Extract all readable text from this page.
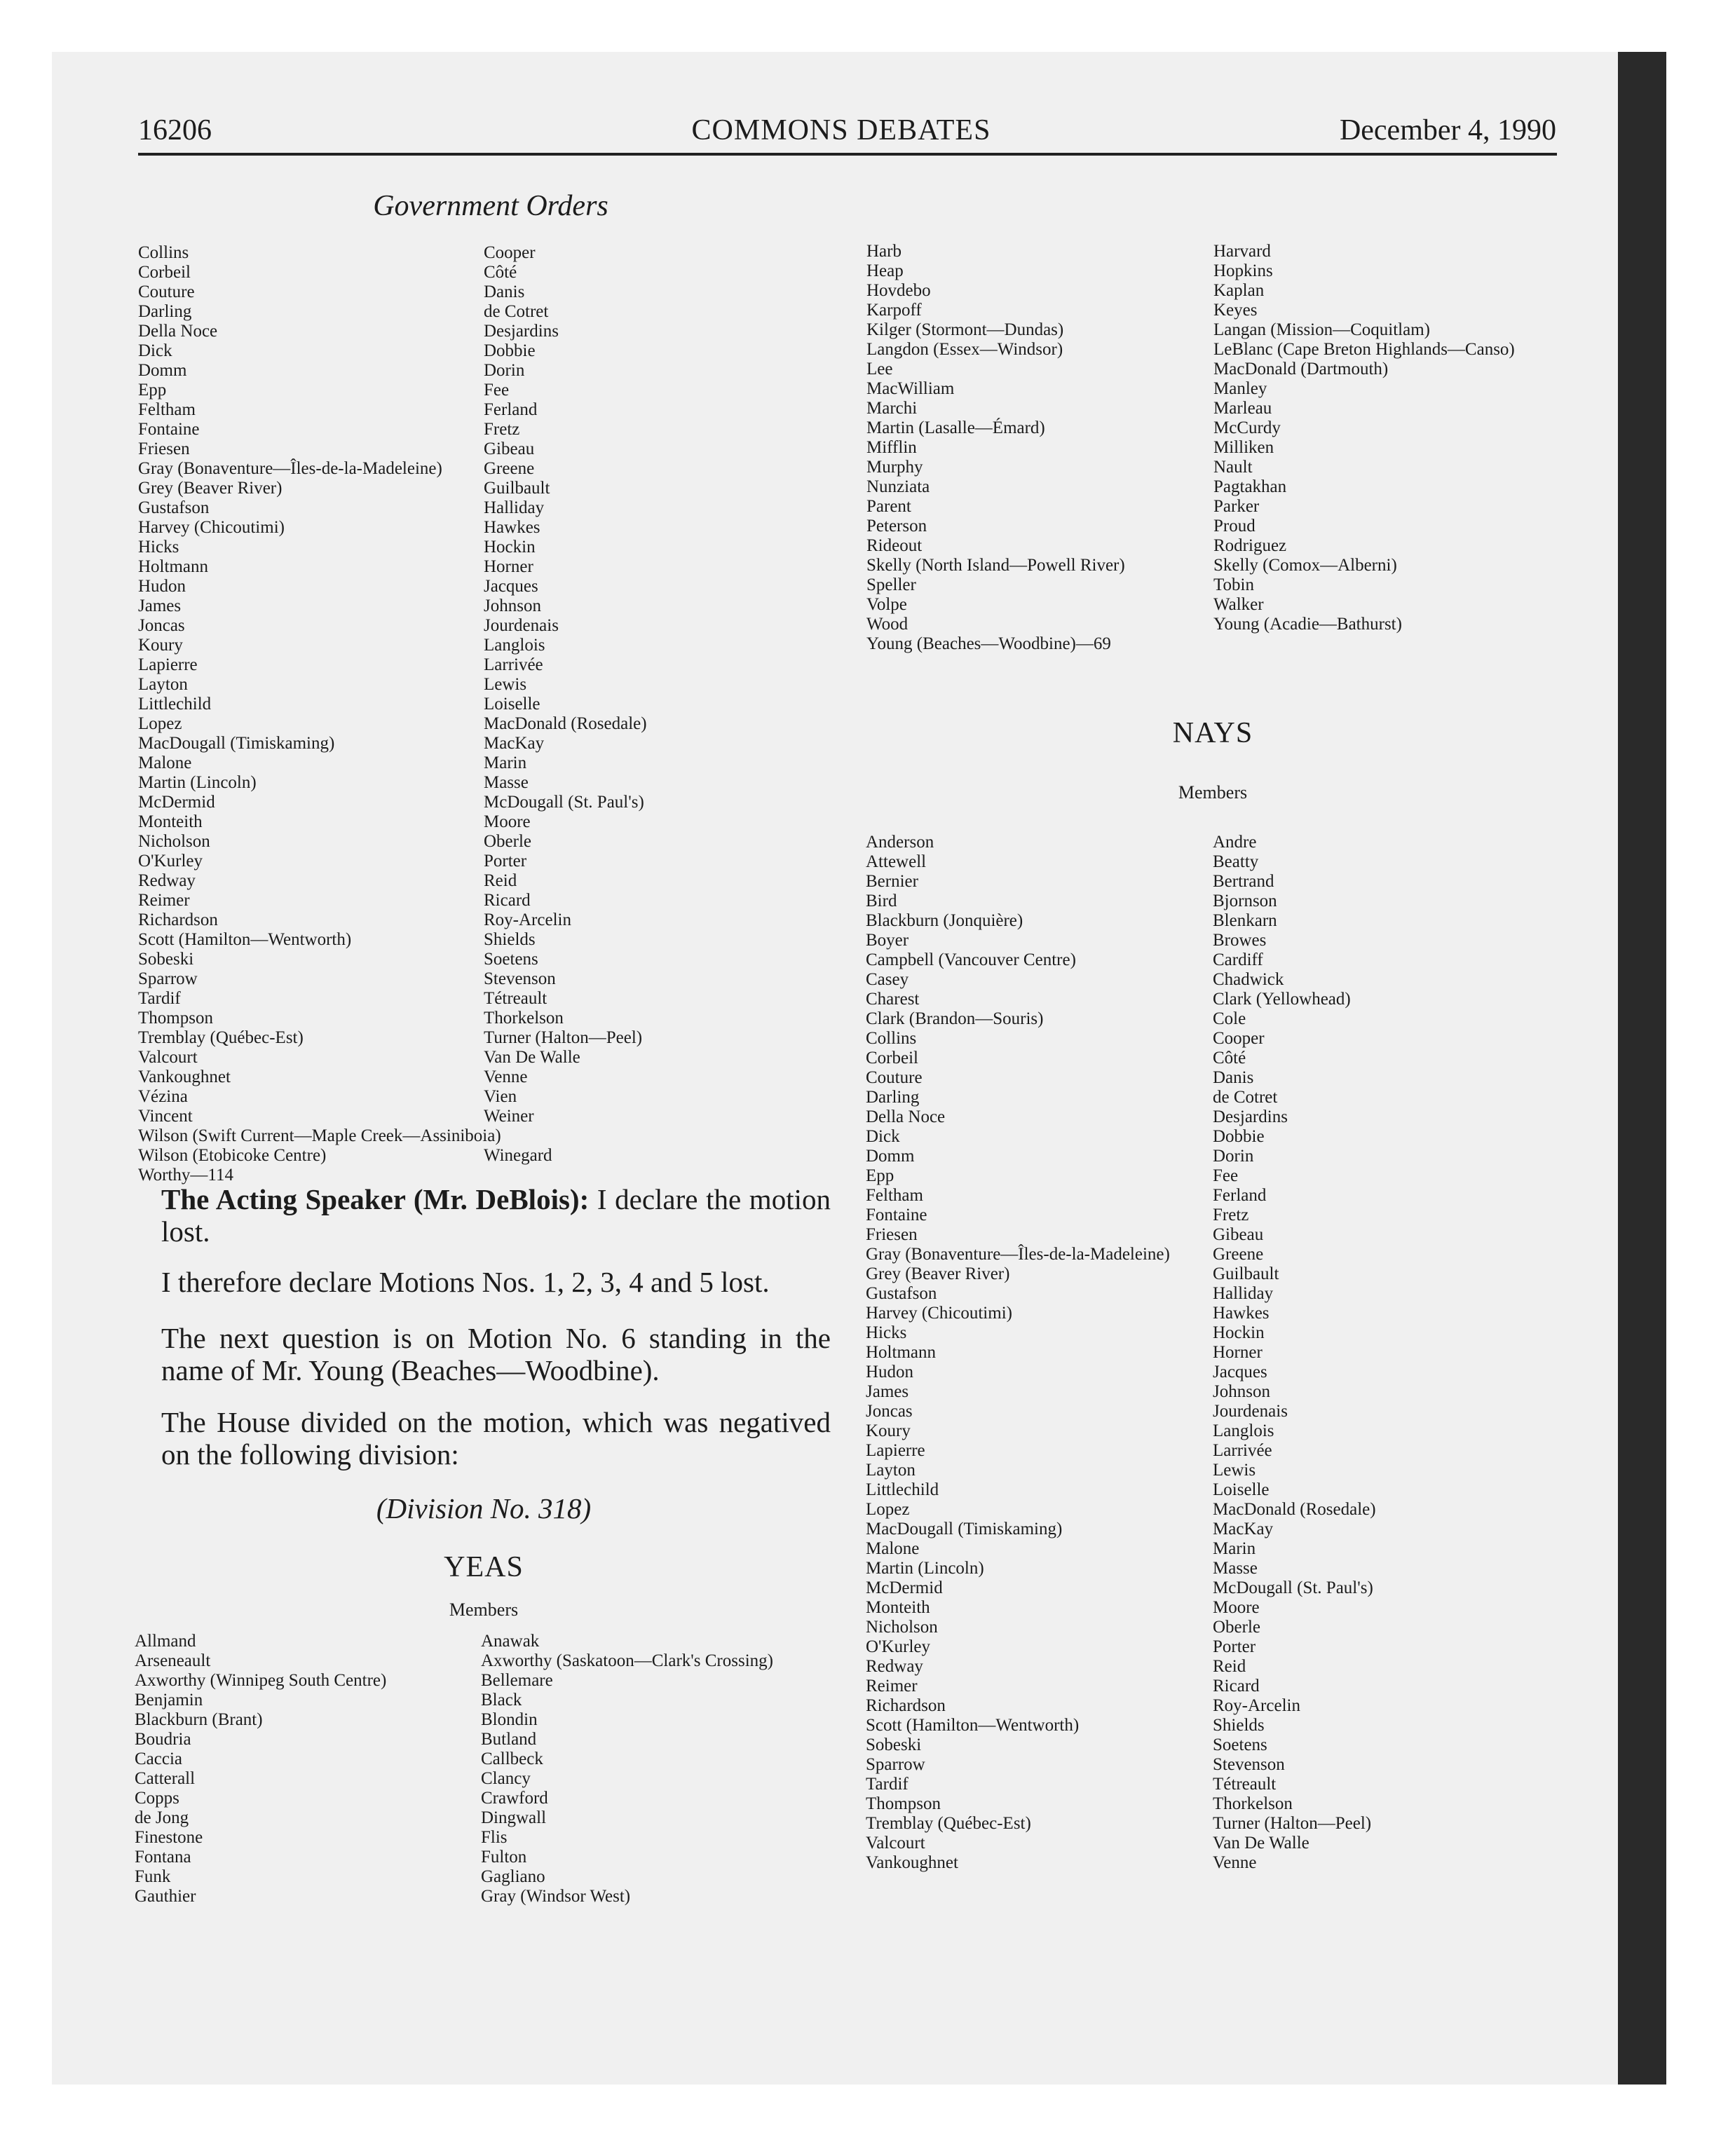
16206	COMMONS DEBATES	December 4, 1990
Government Orders
Collins
Corbeil
Couture
Darling
Della Noce
Dick
Domm
Epp
Feltham
Fontaine
Friesen
Gray (Bonaventure—Îles-de-la-Madeleine)
Grey (Beaver River)
Gustafson
Harvey (Chicoutimi)
Hicks
Holtmann
Hudon
James
Joncas
Koury
Lapierre
Layton
Littlechild
Lopez
MacDougall (Timiskaming)
Malone
Martin (Lincoln)
McDermid
Monteith
Nicholson
O'Kurley
Redway
Reimer
Richardson
Scott (Hamilton—Wentworth)
Sobeski
Sparrow
Tardif
Thompson
Tremblay (Québec-Est)
Valcourt
Vankoughnet
Vézina
Vincent
Wilson (Swift Current—Maple Creek—Assiniboia)
Wilson (Etobicoke Centre)
Worthy—114
Cooper
Côté
Danis
de Cotret
Desjardins
Dobbie
Dorin
Fee
Ferland
Fretz
Gibeau
Greene
Guilbault
Halliday
Hawkes
Hockin
Horner
Jacques
Johnson
Jourdenais
Langlois
Larrivée
Lewis
Loiselle
MacDonald (Rosedale)
MacKay
Marin
Masse
McDougall (St. Paul's)
Moore
Oberle
Porter
Reid
Ricard
Roy-Arcelin
Shields
Soetens
Stevenson
Tétreault
Thorkelson
Turner (Halton—Peel)
Van De Walle
Venne
Vien
Weiner
Winegard

The Acting Speaker (Mr. DeBlois): I declare the motion lost.

I therefore declare Motions Nos. 1, 2, 3, 4 and 5 lost.

The next question is on Motion No. 6 standing in the name of Mr. Young (Beaches—Woodbine).

The House divided on the motion, which was negatived on the following division:

(Division No. 318)
YEAS
Members
Allmand
Arseneault
Axworthy (Winnipeg South Centre)
Benjamin
Blackburn (Brant)
Boudria
Caccia
Catterall
Copps
de Jong
Finestone
Fontana
Funk
Gauthier
Anawak
Axworthy (Saskatoon—Clark's Crossing)
Bellemare
Black
Blondin
Butland
Callbeck
Clancy
Crawford
Dingwall
Flis
Fulton
Gagliano
Gray (Windsor West)
Harb
Heap
Hovdebo
Karpoff
Kilger (Stormont—Dundas)
Langdon (Essex—Windsor)
Lee
MacWilliam
Marchi
Martin (Lasalle—Émard)
Mifflin
Murphy
Nunziata
Parent
Peterson
Rideout
Skelly (North Island—Powell River)
Speller
Volpe
Wood
Young (Beaches—Woodbine)—69
Harvard
Hopkins
Kaplan
Keyes
Langan (Mission—Coquitlam)
LeBlanc (Cape Breton Highlands—Canso)
MacDonald (Dartmouth)
Manley
Marleau
McCurdy
Milliken
Nault
Pagtakhan
Parker
Proud
Rodriguez
Skelly (Comox—Alberni)
Tobin
Walker
Young (Acadie—Bathurst)
NAYS
Members
Anderson
Attewell
Bernier
Bird
Blackburn (Jonquière)
Boyer
Campbell (Vancouver Centre)
Casey
Charest
Clark (Brandon—Souris)
Collins
Corbeil
Couture
Darling
Della Noce
Dick
Domm
Epp
Feltham
Fontaine
Friesen
Gray (Bonaventure—Îles-de-la-Madeleine)
Grey (Beaver River)
Gustafson
Harvey (Chicoutimi)
Hicks
Holtmann
Hudon
James
Joncas
Koury
Lapierre
Layton
Littlechild
Lopez
MacDougall (Timiskaming)
Malone
Martin (Lincoln)
McDermid
Monteith
Nicholson
O'Kurley
Redway
Reimer
Richardson
Scott (Hamilton—Wentworth)
Sobeski
Sparrow
Tardif
Thompson
Tremblay (Québec-Est)
Valcourt
Vankoughnet
Andre
Beatty
Bertrand
Bjornson
Blenkarn
Browes
Cardiff
Chadwick
Clark (Yellowhead)
Cole
Cooper
Côté
Danis
de Cotret
Desjardins
Dobbie
Dorin
Fee
Ferland
Fretz
Gibeau
Greene
Guilbault
Halliday
Hawkes
Hockin
Horner
Jacques
Johnson
Jourdenais
Langlois
Larrivée
Lewis
Loiselle
MacDonald (Rosedale)
MacKay
Marin
Masse
McDougall (St. Paul's)
Moore
Oberle
Porter
Reid
Ricard
Roy-Arcelin
Shields
Soetens
Stevenson
Tétreault
Thorkelson
Turner (Halton—Peel)
Van De Walle
Venne
